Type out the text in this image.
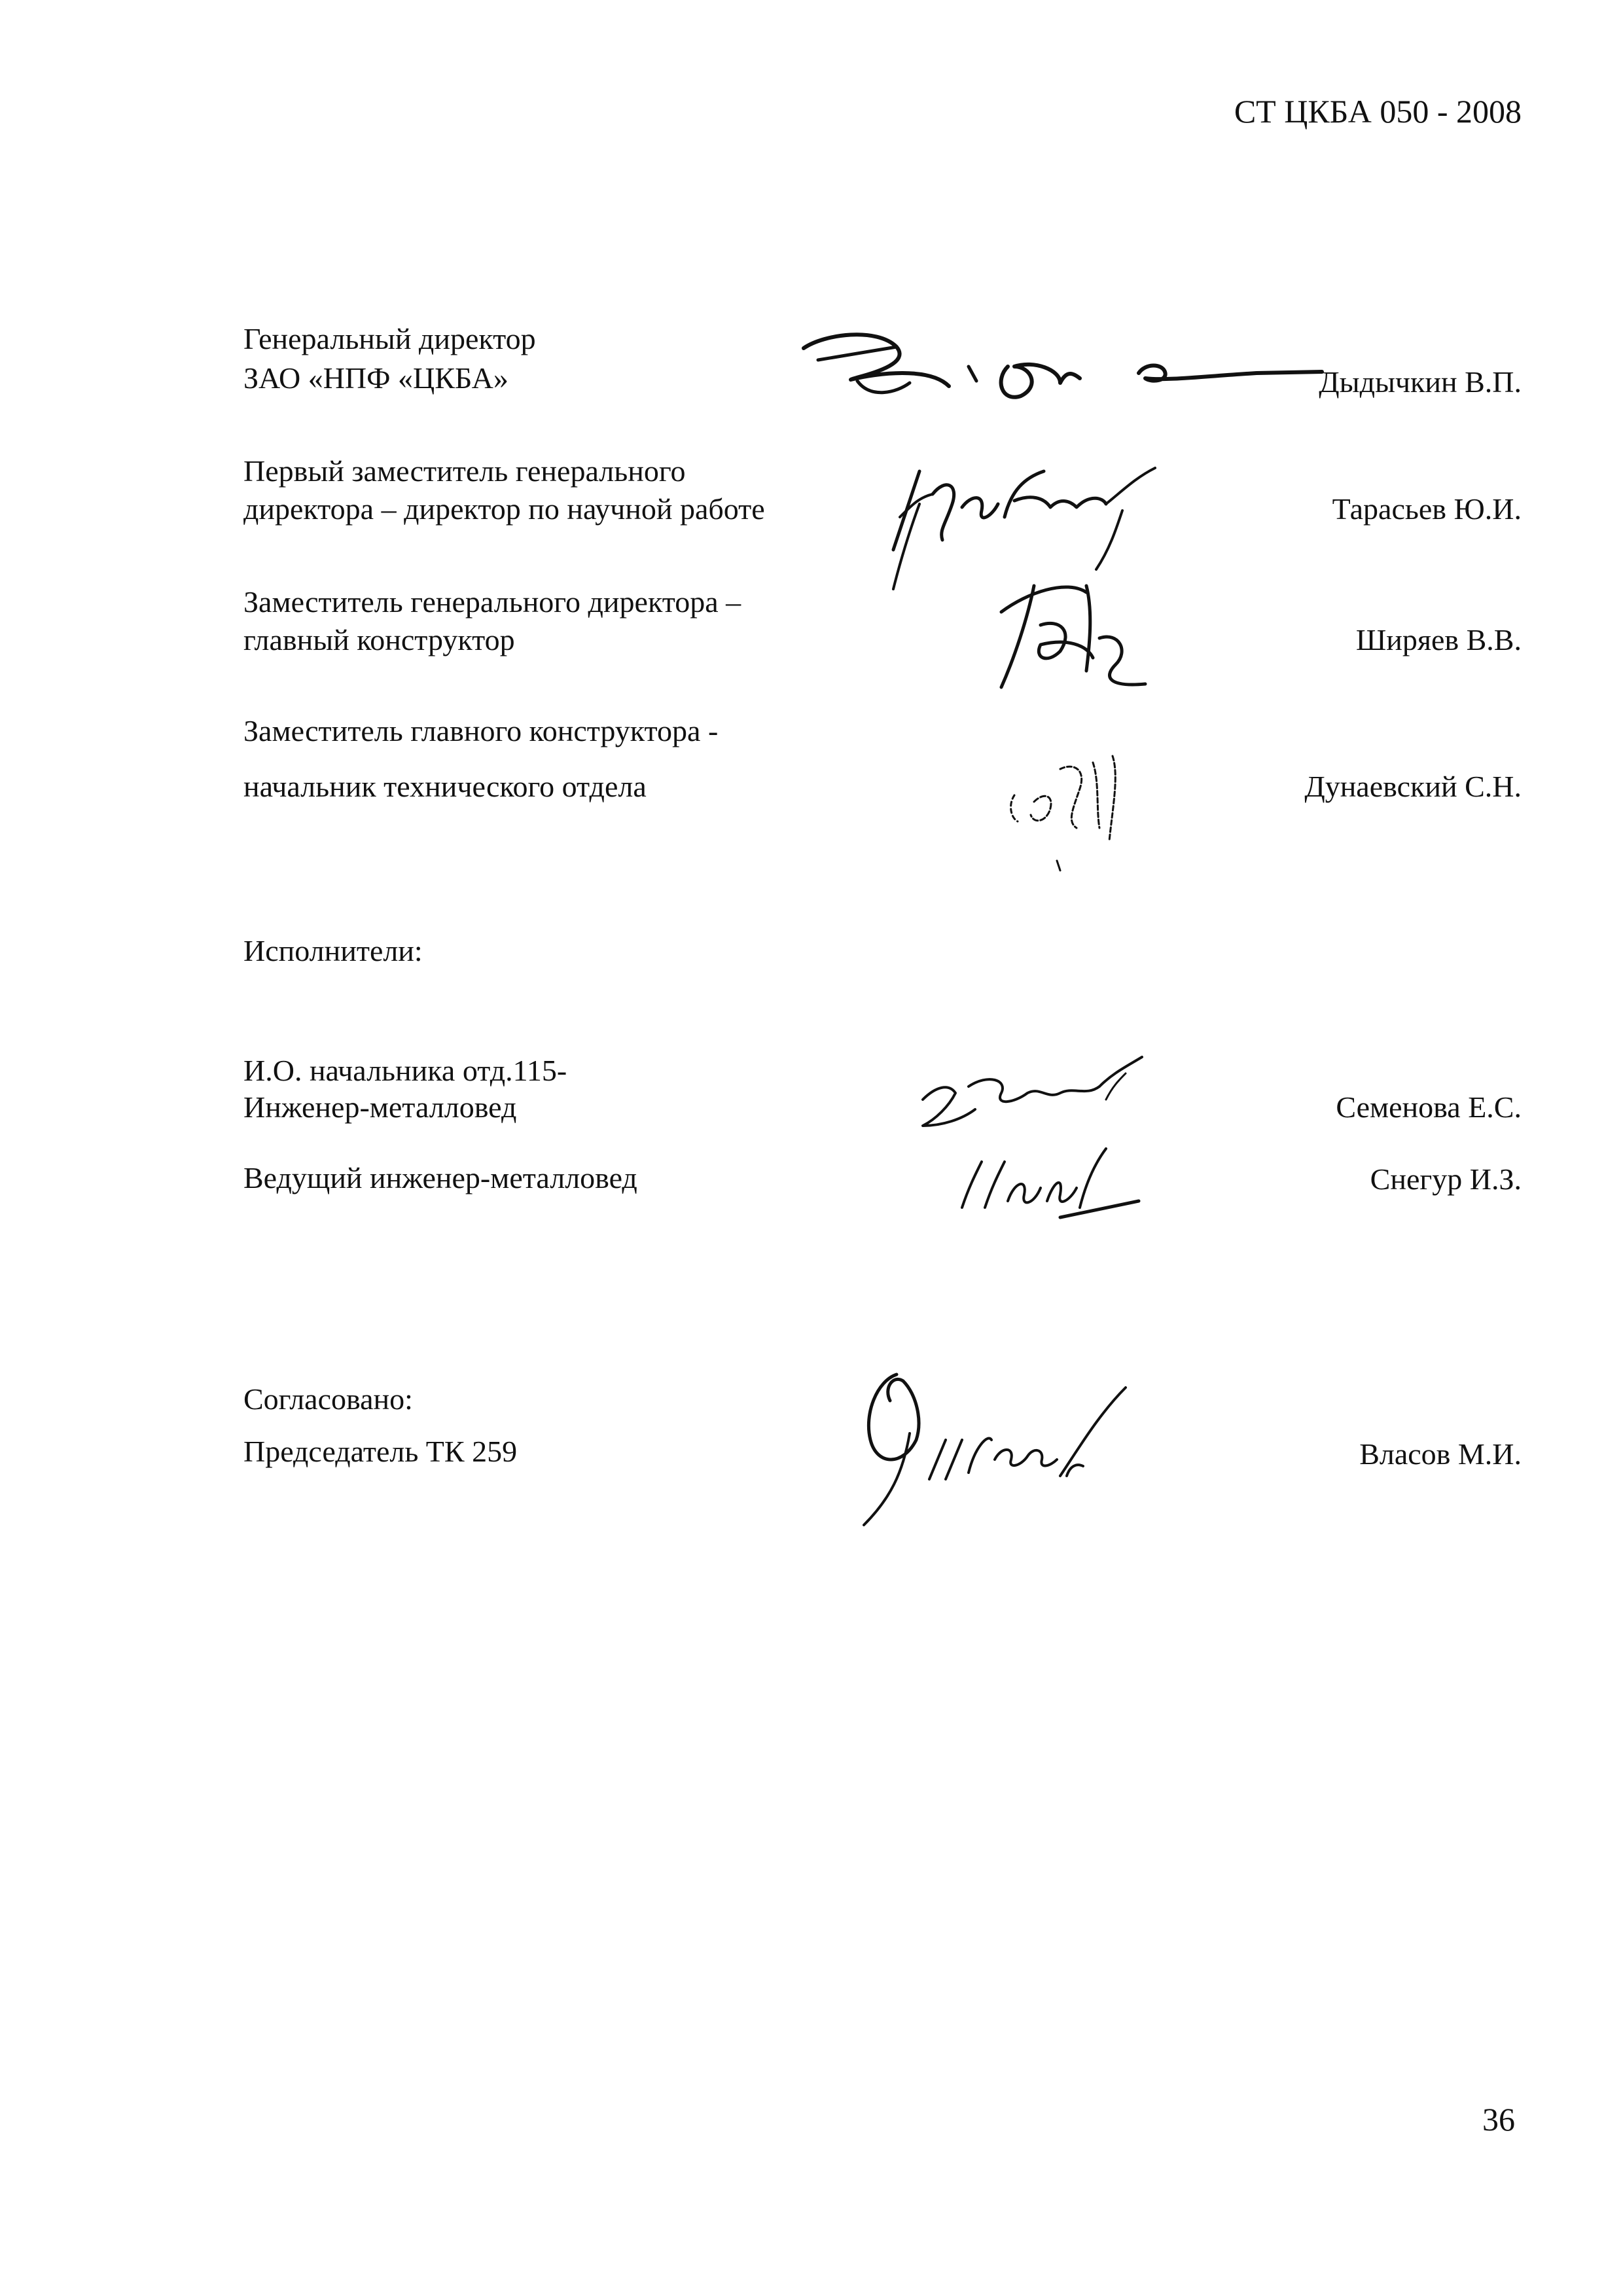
СТ ЦКБА 050 - 2008
Генеральный директор
ЗАО «НПФ «ЦКБА»	Дыдычкин В.П.
Первый заместитель генерального
директора – директор по научной работе	Тарасьев Ю.И.
Заместитель генерального директора –
главный конструктор	Ширяев В.В.
Заместитель главного конструктора -
начальник технического отдела	Дунаевский С.Н.
Исполнители:
И.О. начальника отд.115-
Инженер-металловед	Семенова Е.С.
Ведущий инженер-металловед	Снегур И.З.
Согласовано:
Председатель ТК 259	Власов М.И.
36
